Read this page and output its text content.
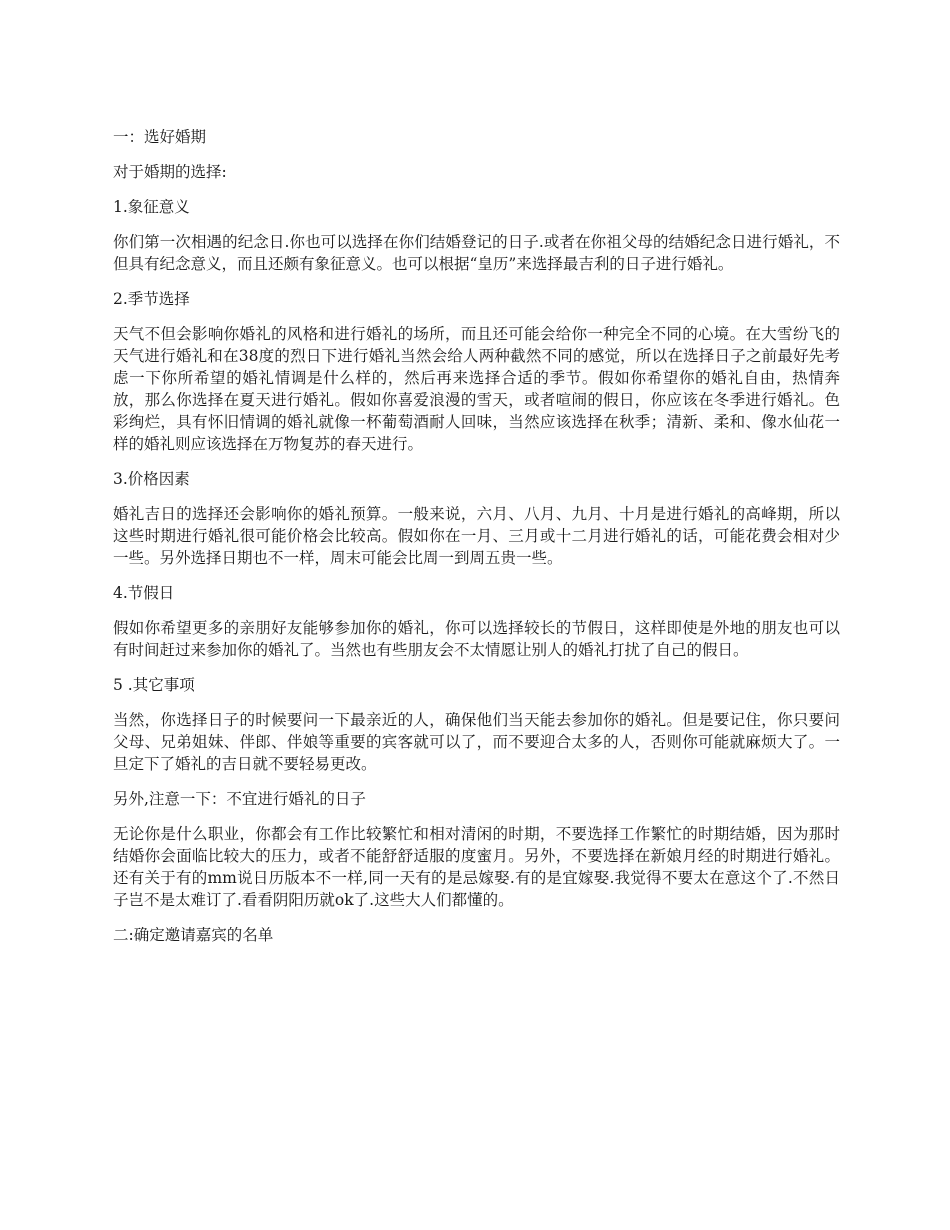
一：选好婚期
对于婚期的选择:
1.象征意义
你们第一次相遇的纪念日.你也可以选择在你们结婚登记的日子.或者在你祖父母的结婚纪念日进行婚礼，不但具有纪念意义，而且还颇有象征意义。也可以根据“皇历”来选择最吉利的日子进行婚礼。
2.季节选择
天气不但会影响你婚礼的风格和进行婚礼的场所，而且还可能会给你一种完全不同的心境。在大雪纷飞的天气进行婚礼和在38度的烈日下进行婚礼当然会给人两种截然不同的感觉，所以在选择日子之前最好先考虑一下你所希望的婚礼情调是什么样的，然后再来选择合适的季节。假如你希望你的婚礼自由，热情奔放，那么你选择在夏天进行婚礼。假如你喜爱浪漫的雪天，或者喧闹的假日，你应该在冬季进行婚礼。色彩绚烂，具有怀旧情调的婚礼就像一杯葡萄酒耐人回味，当然应该选择在秋季；清新、柔和、像水仙花一样的婚礼则应该选择在万物复苏的春天进行。
3.价格因素
婚礼吉日的选择还会影响你的婚礼预算。一般来说，六月、八月、九月、十月是进行婚礼的高峰期，所以这些时期进行婚礼很可能价格会比较高。假如你在一月、三月或十二月进行婚礼的话，可能花费会相对少一些。另外选择日期也不一样，周末可能会比周一到周五贵一些。
4.节假日
假如你希望更多的亲朋好友能够参加你的婚礼，你可以选择较长的节假日，这样即使是外地的朋友也可以有时间赶过来参加你的婚礼了。当然也有些朋友会不太情愿让别人的婚礼打扰了自己的假日。
5 .其它事项
当然，你选择日子的时候要问一下最亲近的人，确保他们当天能去参加你的婚礼。但是要记住，你只要问父母、兄弟姐妹、伴郎、伴娘等重要的宾客就可以了，而不要迎合太多的人，否则你可能就麻烦大了。一旦定下了婚礼的吉日就不要轻易更改。
另外,注意一下：不宜进行婚礼的日子
无论你是什么职业，你都会有工作比较繁忙和相对清闲的时期，不要选择工作繁忙的时期结婚，因为那时结婚你会面临比较大的压力，或者不能舒舒适服的度蜜月。另外，不要选择在新娘月经的时期进行婚礼。还有关于有的mm说日历版本不一样,同一天有的是忌嫁娶.有的是宜嫁娶.我觉得不要太在意这个了.不然日子岂不是太难订了.看看阴阳历就ok了.这些大人们都懂的。
二:确定邀请嘉宾的名单
